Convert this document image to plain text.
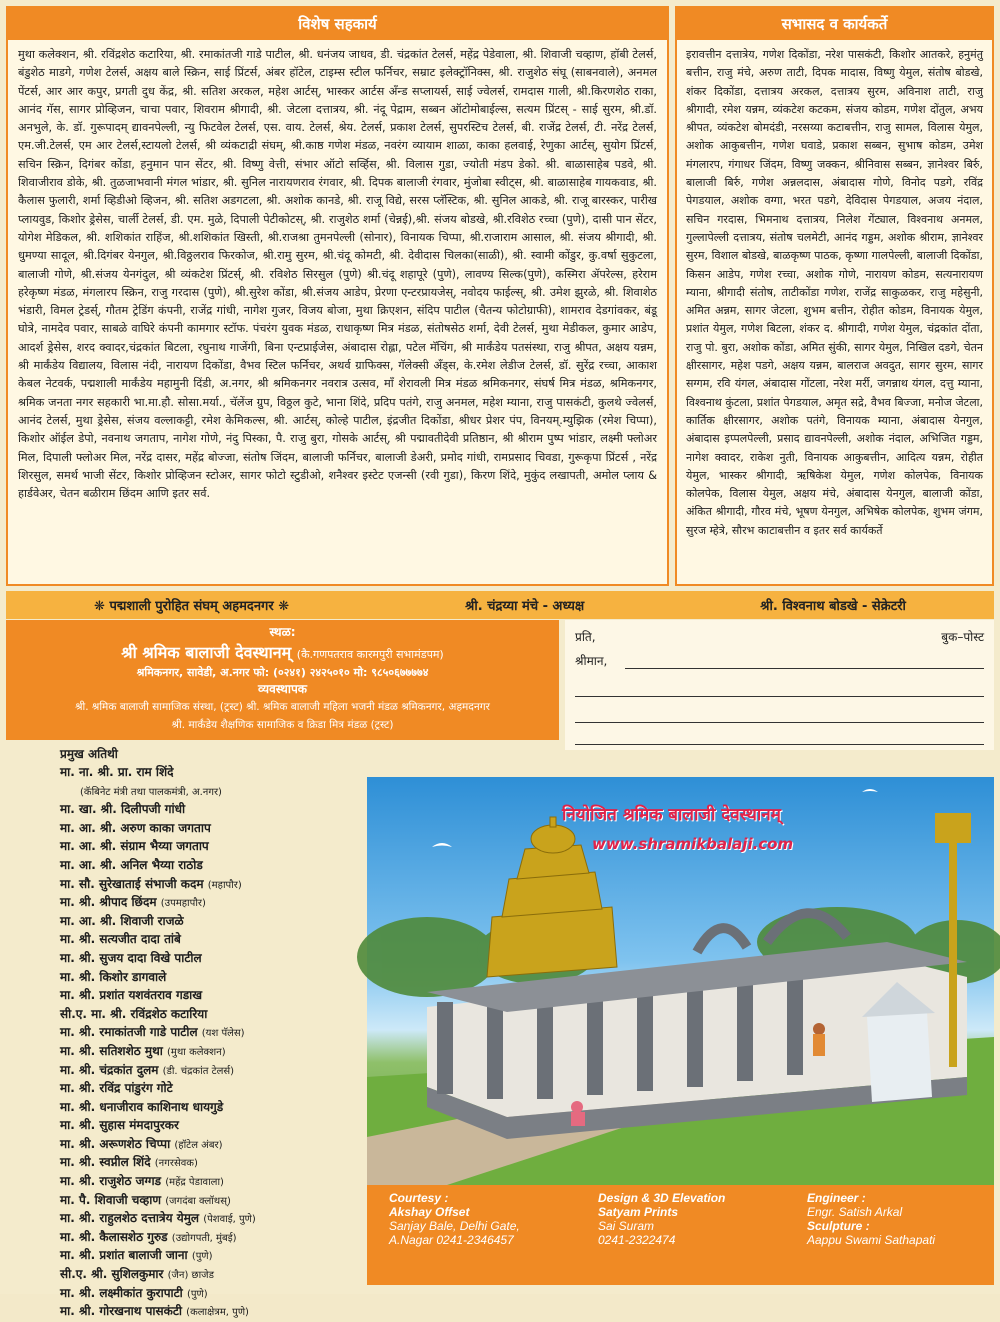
विशेष सहकार्य
मुथा कलेक्शन, श्री. रविंद्रशेठ कटारिया, श्री. रमाकांतजी गाडे पाटील, श्री. धनंजय जाधव, डी. चंद्रकांत टेलर्स, महेंद्र पेडेवाला, श्री. शिवाजी चव्हाण, हॉबी टेलर्स, बंडुशेठ माडगे, गणेश टेलर्स, अक्षय बाले स्क्रिन, साई प्रिंटर्स, अंबर हॉटेल, टाइम्स स्टील फर्निचर, सम्राट इलेक्ट्रॉनिक्स, श्री. राजुशेठ संघू (साबनवाले), अनमल पेंटर्स, आर आर कपुर, प्रगती दुध केंद्र, श्री. सतिश अरकल, महेश आर्टस्, भास्कर आर्टस अँन्ड सप्लायर्स, साई ज्वेलर्स, रामदास गाली, श्री.किरणशेठ राका, आनंद गॅस, सागर प्रोव्हिजन, चाचा पवार, शिवराम श्रीगादी, श्री. जेटला दत्तात्रय, श्री. नंदू पेद्राम, सब्बन ऑटोमोबाईल्स, सत्यम प्रिंटस् - साई सुरम, श्री.डॉ. अनभुले, के. डॉ. गुरूपादम् द्यावनपेल्ली, न्यु फिटवेल टेलर्स, एस. वाय. टेलर्स, श्रेय. टेलर्स, प्रकाश टेलर्स, सुपरस्टिच टेलर्स, बी. राजेंद्र टेलर्स, टी. नरेंद्र टेलर्स, एम.जी.टेलर्स, एम आर टेलर्स,स्टायलो टेलर्स, श्री व्यंकटाद्री संघम्, श्री.काष्ठ गणेश मंडळ, नवरंग व्यायाम शाळा, काका हलवाई, रेणुका आर्टस्, सुयोग प्रिंटर्स, सचिन स्क्रिन, दिगंबर कोंडा, हनुमान पान सेंटर, श्री. विष्णु वेत्ती, संभार ऑटो सर्व्हिस, श्री. विलास गुडा, ज्योती मंडप डेको. श्री. बाळासाहेब पडवे, श्री. शिवाजीराव डोके, श्री. तुळजाभवानी मंगल भांडार, श्री. सुनिल नारायणराव रंगवार, श्री. दिपक बालाजी रंगवार, मुंजोबा स्वीट्स, श्री. बाळासाहेब गायकवाड, श्री. कैलास फुलारी, शर्मा व्हिडीओ व्हिजन, श्री. सतिश अडगटला, श्री. अशोक कानडे, श्री. राजू विद्ये, सरस प्लॅस्टिक, श्री. सुनिल आकडे, श्री. राजू बारस्कर, पारीख प्लायवुड, किशोर ड्रेसेस, चार्ली टेलर्स, डी. एम. मुळे, दिपाली पेटीकोटस्, श्री. राजुशेठ शर्मा (चेन्नई),श्री. संजय बोडखे, श्री.रविशेठ रच्चा (पुणे), दासी पान सेंटर, योगेश मेडिकल, श्री. शशिकांत राहिंज, श्री.शशिकांत खिस्ती, श्री.राजश्रा तुमनपेल्ली (सोनार), विनायक चिप्पा, श्री.राजाराम आसाल, श्री. संजय श्रीगादी, श्री. धुमण्या सादूल, श्री.दिगंबर येनगुल, श्री.विठ्ठलराव फिरकोज, श्री.रामु सुरम, श्री.चंदू कोमटी, श्री. देवीदास चिलका(साळी), श्री. स्वामी कोंडुर, कु.वर्षा सुकुटला, बालाजी गोणे, श्री.संजय येनगंदुल, श्री व्यंकटेश प्रिंटर्स्, श्री. रविशेठ सिरसुल (पुणे) श्री.चंदू शहापूरे (पुणे), लावण्य सिल्क(पुणे), कस्मिरा ॲपरेल्स, हरेराम हरेकृष्ण मंडळ, मंगलारप स्क्रिन, राजु गरदास (पुणे), श्री.सुरेश कोंडा, श्री.संजय आडेप, प्रेरणा एन्टरप्रायजेस्, नवोदय फाईल्स्, श्री. उमेश झुरळे, श्री. शिवाशेठ भंडारी, विमल ट्रेडर्स्, गौतम ट्रेडिंग कंपनी, राजेंद्र गांधी, नागेश गुजर, विजय बोजा, मुथा क्रिएशन, संदिप पाटील (चैतन्य फोटोग्राफी), शामराव देडगांवकर, बंडू घोत्रे, नामदेव पवार, साबळे वाघिरे कंपनी कामगार स्टॉफ. पंचरंग युवक मंडळ, राधाकृष्ण मित्र मंडळ, संतोषसेठ शर्मा, देवी टेलर्स, मुथा मेडीकल, कुमार आडेप, आदर्श ड्रेसेस, शरद क्वादर,चंद्रकांत बिटला, रघुनाथ गाजेंगी, बिना एन्टप्राईजेस, अंबादास रोह्ला, पटेल मॅचिंग, श्री मार्कंडेय पतसंस्था, राजु श्रीपत, अक्षय यन्नम, श्री मार्कंडेय विद्यालय, विलास नंदी, नारायण दिकोंडा, वैभव स्टिल फर्निचर, अथर्व ग्राफिक्स, गॅलेक्सी अँड्स, के.रमेश लेडीज टेलर्स, डॉ. सुरेंद्र रच्चा, आकाश केबल नेटवर्क, पद्मशाली मार्कंडेय महामुनी दिंडी, अ.नगर, श्री श्रमिकनगर नवरात्र उत्सव, माँ शेरावली मित्र मंडळ श्रमिकनगर, संघर्ष मित्र मंडळ, श्रमिकनगर, श्रमिक जनता नगर सहकारी भा.मा.हौ. सोसा.मर्या., चॅलेंज ग्रुप, विठ्ठल कुटे, भाना शिंदे, प्रदिप पतंगे, राजु अनमल, महेश म्याना, राजु पासकंटी, कुलथे ज्वेलर्स, आनंद टेलर्स, मुथा ड्रेसेस, संजय वल्लाकट्टी, रमेश केमिकल्स, श्री. आर्टस्, कोल्हे पाटील, इंद्रजीत दिकोंडा, श्रीधर प्रेशर पंप, विनयम्.म्युझिक (रमेश चिप्पा), किशोर ऑईल डेपो, नवनाथ जगताप, नागेश गोणे, नंदु पिस्का, पै. राजु बुरा, गोसके आर्टस्, श्री पद्मावतीदेवी प्रतिष्ठान, श्री श्रीराम पुष्प भांडार, लक्ष्मी फ्लोअर मिल, दिपाली फ्लोअर मिल, नरेंद्र दासर, महेंद्र बोज्जा, संतोष जिंदम, बालाजी फर्निचर, बालाजी डेअरी, प्रमोद गांधी, रामप्रसाद चिवडा, गुरूकृपा प्रिंटर्स , नरेंद्र शिरसुल, समर्थ भाजी सेंटर, किशोर प्रोव्हिजन स्टोअर, सागर फोटो स्टुडीओ, शनैश्वर इस्टेट एजन्सी (रवी गुडा), किरण शिंदे, मुकुंद लखापती, अमोल प्लाय & हार्डवेअर, चेतन बळीराम छिंदम आणि इतर सर्व.
सभासद व कार्यकर्ते
इरावत्तीन दत्तात्रेय, गणेश दिकोंडा, नरेश पासकंटी, किशोर आतकरे, हनुमंतु बत्तीन, राजु मंचे, अरुण ताटी, दिपक मादास, विष्णु येमुल, संतोष बोडखे, शंकर दिकोंडा, दत्तात्रय अरकल, दत्तात्रय सुरम, अविनाश ताटी, राजु श्रीगादी, रमेश यन्नम, व्यंकटेश कटकम, संजय कोडम, गणेश दोंतुल, अभय श्रीपत, व्यंकटेश बोमदंडी, नरसय्या कटाबत्तीन, राजु सामल, विलास येमुल, अशोक आकुबत्तीन, गणेश घवाडे, प्रकाश सब्बन, सुभाष कोडम, उमेश मंगलारप, गंगाधर जिंदम, विष्णु जक्कन, श्रीनिवास सब्बन, ज्ञानेश्वर बिर्रु, बालाजी बिर्रु, गणेश अन्नलदास, अंबादास गोणे, विनोद पडगे, रविंद्र पेगडयाल, अशोक वग्गा, भरत पडगे, देविदास पेगडयाल, अजय नंदाल, सचिन गरदास, भिमनाथ दत्तात्रय, निलेश गेंट्याल, विश्वनाथ अनमल, गुल्लापेल्ली दत्तात्रय, संतोष चलमेटी, आनंद गड्डम, अशोक श्रीराम, ज्ञानेश्वर सुरम, विशाल बोडखे, बाळकृष्ण पाठक, कृष्णा गालपेल्ली, बालाजी दिकोंडा, किसन आडेप, गणेश रच्चा, अशोक गोणे, नारायण कोडम, सत्यनारायण म्याना, श्रीगादी संतोष, ताटीकोंडा गणेश, राजेंद्र साकुळकर, राजु महेसुनी, अमित अन्नम, सागर जेटला, शुभम बत्तीन, रोहीत कोडम, विनायक येमुल, प्रशांत येमुल, गणेश बिटला, शंकर द. श्रीगादी, गणेश येमुल, चंद्रकांत दोंता, राजु पो. बुरा, अशोक कोंडा, अमित सुंकी, सागर येमुल, निखिल दडगे, चेतन क्षीरसागर, महेश पडगे, अक्षय यन्नम, बालराज अवदुत, सागर सुरम, सागर सग्गम, रवि यंगल, अंबादास गोंटला, नरेश मर्री, जगन्नाथ यंगल, दत्तु म्याना, विश्वनाथ कुंटला, प्रशांत पेगडयाल, अमृत सद्रे, वैभव बिज्जा, मनोज जेटला, कार्तिक क्षीरसागर, अशोक पतंगे, विनायक म्याना, अंबादास येनगुल, अंबादास इप्पलपेल्ली, प्रसाद द्यावनपेल्ली, अशोक नंदाल, अभिजित गड्डम, नागेश क्वादर, राकेश नुती, विनायक आकुबत्तीन, आदित्य यन्नम, रोहीत येमुल, भास्कर श्रीगादी, ऋषिकेश येमुल, गणेश कोलपेक, विनायक कोलपेक, विलास येमुल, अक्षय मंचे, अंबादास येनगुल, बालाजी कोंडा, अंकित श्रीगादी, गौरव मंचे, भूषण येनगुल, अभिषेक कोलपेक, शुभम जंगम, सुरज म्हेत्रे, सौरभ काटाबत्तीन व इतर सर्व कार्यकर्ते
❋ पद्मशाली पुरोहित संघम् अहमदनगर ❋	श्री. चंद्रय्या मंचे - अध्यक्ष	श्री. विश्वनाथ बोडखे - सेक्रेटरी
स्थळ:
श्री श्रमिक बालाजी देवस्थानम् (कै.गणपतराव कारमपुरी सभामंडपम)
श्रमिकनगर, सावेडी, अ.नगर फो: (०२४१) २४२५०१० मो: ९८५०६७७७७४
व्यवस्थापक
श्री. श्रमिक बालाजी सामाजिक संस्था, (ट्रस्ट) श्री. श्रमिक बालाजी महिला भजनी मंडळ श्रमिकनगर, अहमदनगर
श्री. मार्कंडेय शैक्षणिक सामाजिक व क्रिडा मित्र मंडळ (ट्रस्ट)
प्रति,	बुक–पोस्ट
श्रीमान,
प्रमुख अतिथी
मा. ना. श्री. प्रा. राम शिंदे
(कॅबिनेट मंत्री तथा पालकमंत्री, अ.नगर)
मा. खा. श्री. दिलीपजी गांधी
मा. आ. श्री. अरुण काका जगताप
मा. आ. श्री. संग्राम भैय्या जगताप
मा. आ. श्री. अनिल भैय्या राठोड
मा. सौ. सुरेखाताई संभाजी कदम (महापौर)
मा. श्री. श्रीपाद छिंदम (उपमहापौर)
मा. आ. श्री. शिवाजी राजळे
मा. श्री. सत्यजीत दादा तांबे
मा. श्री. सुजय दादा विखे पाटील
मा. श्री. किशोर डागवाले
मा. श्री. प्रशांत यशवंतराव गडाख
सी.ए. मा. श्री. रविंद्रशेठ कटारिया
मा. श्री. रमाकांतजी गाडे पाटील (यश पॅलेस)
मा. श्री. सतिशशेठ मुथा (मुथा कलेक्शन)
मा. श्री. चंद्रकांत दुलम (डी. चंद्रकांत टेलर्स)
मा. श्री. रविंद्र पांडुरंग गोटे
मा. श्री. धनाजीराव काशिनाथ धायगुडे
मा. श्री. सुहास मंमदापुरकर
मा. श्री. अरूणशेठ चिप्पा (हॉटेल अंबर)
मा. श्री. स्वप्नील शिंदे (नगरसेवक)
मा. श्री. राजुशेठ जग्गड (महेंद्र पेडावाला)
मा. पै. शिवाजी चव्हाण (जगदंबा क्लॉथस्)
मा. श्री. राहुलशेठ दत्तात्रेय येमुल (पेशवाई, पुणे)
मा. श्री. कैलासशेठ गुरुड (उद्योगपती, मुंबई)
मा. श्री. प्रशांत बालाजी जाना (पुणे)
सी.ए. श्री. सुशिलकुमार (जैन) छाजेड
मा. श्री. लक्ष्मीकांत कुरापाटी (पुणे)
मा. श्री. गोरखनाथ पासकंटी (कलाक्षेत्रम, पुणे)
नियोजित श्रमिक बालाजी देवस्थानम्
www.shramikbalaji.com
Courtesy :
Akshay Offset
Sanjay Bale, Delhi Gate,
A.Nagar 0241-2346457
Design & 3D Elevation
Satyam Prints
Sai Suram
0241-2322474
Engineer :
Engr. Satish Arkal
Sculpture :
Aappu Swami Sathapati
